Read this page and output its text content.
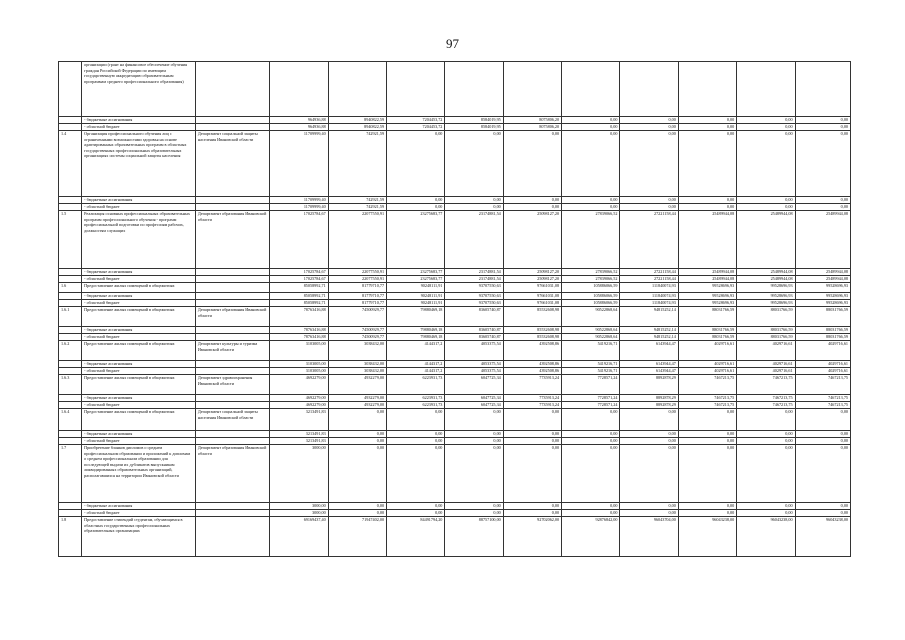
97
	организации (грант на финансовое обеспечение обучения граждан Российской Федерации по имеющим государственную аккредитацию образовательным программам среднего профессионального образования)											
	- бюджетные ассигнования		964936,88	8940822,59	7204453,72	8584019,95	8075806,20	0,00	0,00	0,00	0,00	0,00
	- областной бюджет		964936,88	8940822,59	7204453,72	8584019,95	8075806,20	0,00	0,00	0,00	0,00	0,00
1.4	Организация профессионального обучения лиц с ограниченными возможностями здоровья на основе адаптированных образовательных программ в областных государственных профессиональных образовательных организациях системы социальной защиты населения	Департамент социальной защиты населения Ивановской области	11709999,40	742921,59	0,00	0,00	0,00	0,00	0,00	0,00	0,00	0,00
	- бюджетные ассигнования		11709999,40	742921,59	0,00	0,00	0,00	0,00	0,00	0,00	0,00	0,00
	- областной бюджет		11709999,40	742921,59	0,00	0,00	0,00	0,00	0,00	0,00	0,00	0,00
1.5	Реализация основных профессиональных образовательных программ профессионального обучения - программ профессиональной подготовки по профессиям рабочих, должностям служащих	Департамент образования Ивановской области	17025784,67	22077550,91	23275683,77	23174881,54	25098127,20	27839066,52	27221158,44	25489944,08	25489944,08	25489944,08
	- бюджетные ассигнования		17025784,67	22077550,91	23275683,77	23174881,54	25098127,20	27839066,52	27221158,44	25489944,08	25489944,08	25489944,08
	- областной бюджет		17025784,67	22077550,91	23275683,77	23174881,54	25098127,20	27839066,52	27221158,44	25489944,08	25489944,08	25489944,08
1.6	Предоставление жилых помещений в общежитиях		85058992,71	81779710,77	90248111,91	93707550,63	97661031,08	105886066,59	111840074,93	99528696,93	99528696,93	99528696,93
	- бюджетные ассигнования		85058992,71	81779710,77	90248111,91	93707550,63	97661031,08	105886066,59	111840074,93	99528696,93	99528696,93	99528696,93
	- областной бюджет		85058992,71	81779710,77	90248111,91	93707550,63	97661031,08	105886066,59	111840074,93	99528696,93	99528696,93	99528696,93
1.6.1	Предоставление жилых помещений в общежитиях	Департамент образования Ивановской области	78763416,88	74500929,77	79880469,18	83605740,87	85532608,98	90522868,64	94815252,14	88031766,59	88031766,59	88031766,59
	- бюджетные ассигнования		78763416,88	74500929,77	79880469,18	83605740,87	85532608,98	90522868,64	94815252,14	88031766,59	88031766,59	88031766,59
	- областной бюджет		78763416,88	74500929,77	79880469,18	83605740,87	85532608,98	90522868,64	94815252,14	88031766,59	88031766,59	88031766,59
1.6.2	Предоставление жилых помещений в общежитиях	Департамент культуры и туризма Ивановской области	3103005,00	3038432,00	4144317,2	4053375,54	4392508,86	5419216,71	6143944,47	4029716,61	4029716,61	4029716,61
	- бюджетные ассигнования		3103005,00	3038432,00	4144317,2	4053375,54	4392508,86	5419216,71	6143944,47	4029716,61	4029716,61	4029716,61
	- областной бюджет		3103005,00	3038432,00	4144317,2	4053375,54	4392508,86	5419216,71	6143944,47	4029716,61	4029716,61	4029716,61
1.6.3	Предоставление жилых помещений в общежитиях	Департамент здравоохранения Ивановской области	4692279,00	4932279,00	6223931,73	6047725,34	7735913,24	7728571,24	8892878,29	7467213,75	7467213,75	7467213,75
	- бюджетные ассигнования		4692279,00	4932279,00	6223931,73	6047725,34	7735913,24	7728571,24	8892878,29	7467213,75	7467213,75	7467213,75
	- областной бюджет		4692279,00	4932279,00	6223931,73	6047725,34	7735913,24	7728571,24	8892878,29	7467213,75	7467213,75	7467213,75
1.6.4	Предоставление жилых помещений в общежитиях	Департамент социальной защиты населения Ивановской области	3213491,83	0,00	0,00	0,00	0,00	0,00	0,00	0,00	0,00	0,00
	- бюджетные ассигнования		3213491,83	0,00	0,00	0,00	0,00	0,00	0,00	0,00	0,00	0,00
	- областной бюджет		3213491,83	0,00	0,00	0,00	0,00	0,00	0,00	0,00	0,00	0,00
1.7	Приобретение бланков дипломов о среднем профессиональном образовании и приложений к дипломам о среднем профессиональном образовании для последующей выдачи их дубликатов выпускникам ликвидированных образовательных организаций, располагавшихся на территории Ивановской области	Департамент образования Ивановской области	3000,00	0,00	0,00	0,00	0,00	0,00	0,00	0,00	0,00	0,00
	- бюджетные ассигнования		3000,00	0,00	0,00	0,00	0,00	0,00	0,00	0,00	0,00	0,00
	- областной бюджет		3000,00	0,00	0,00	0,00	0,00	0,00	0,00	0,00	0,00	0,00
1.8	Предоставление стипендий студентам, обучающимся в областных государственных профессиональных образовательных организациях		69169437,40	71947402,00	84491794,20	88757100,00	92702062,00	92876842,00	96043704,00	96043238,00	96043238,00	96043238,00
